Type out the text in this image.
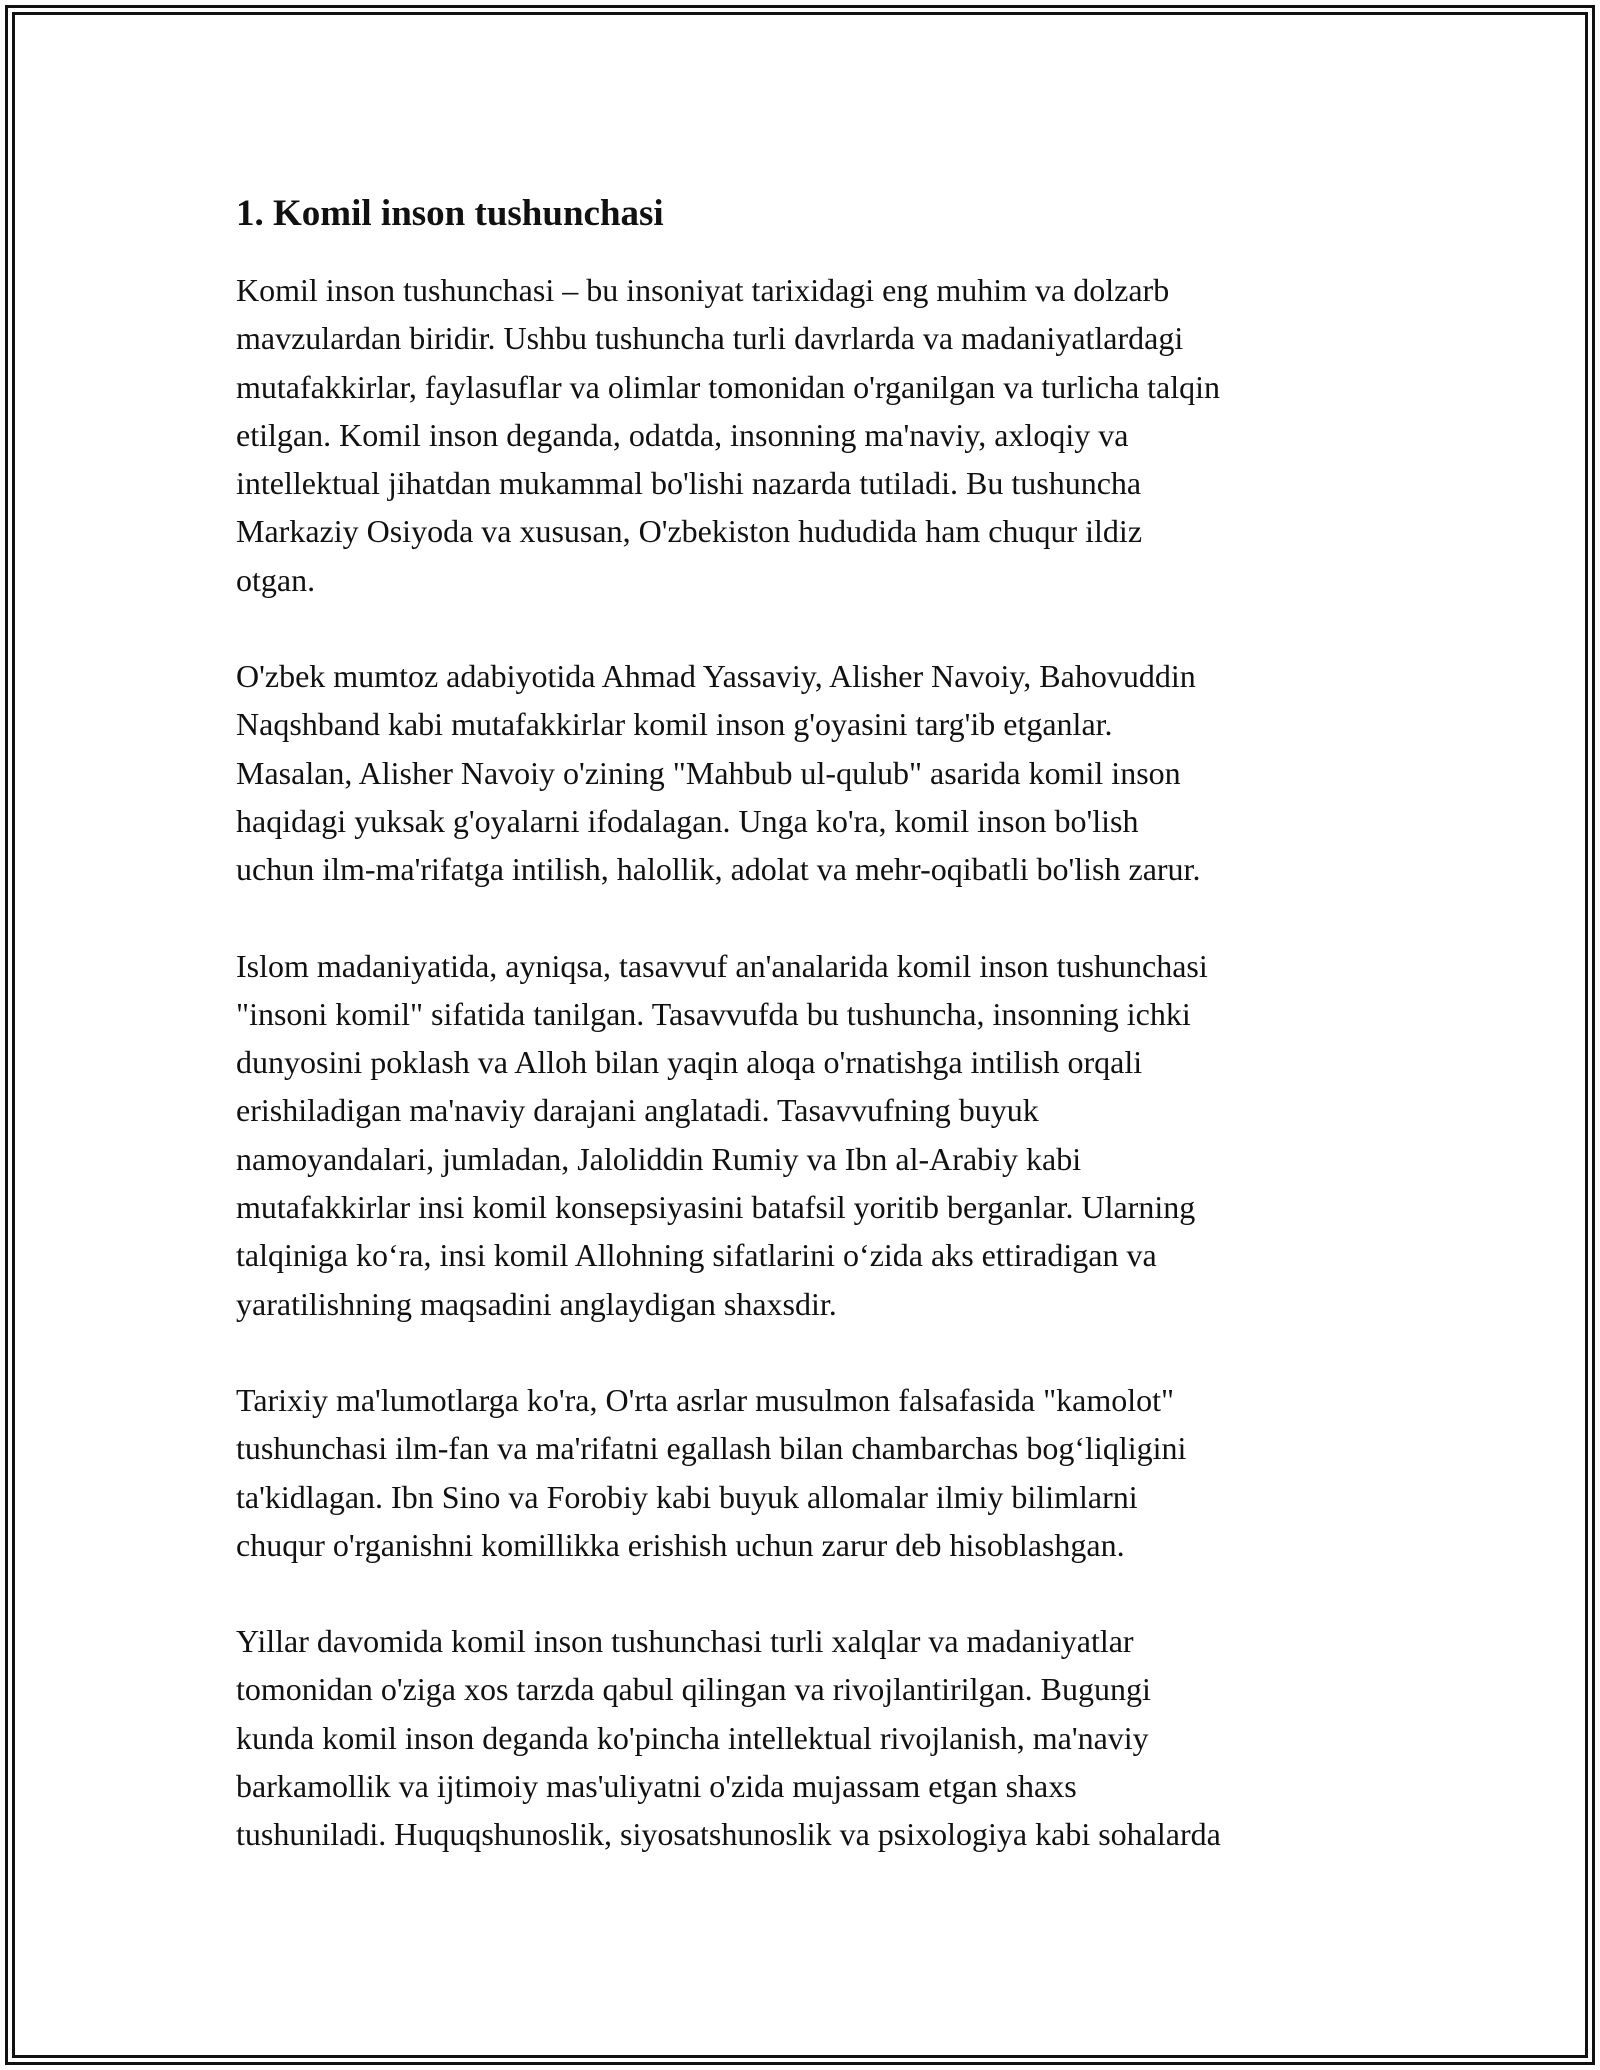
1. Komil inson tushunchasi
Komil inson tushunchasi – bu insoniyat tarixidagi eng muhim va dolzarb
mavzulardan biridir. Ushbu tushuncha turli davrlarda va madaniyatlardagi
mutafakkirlar, faylasuflar va olimlar tomonidan o'rganilgan va turlicha talqin
etilgan. Komil inson deganda, odatda, insonning ma'naviy, axloqiy va
intellektual jihatdan mukammal bo'lishi nazarda tutiladi. Bu tushuncha
Markaziy Osiyoda va xususan, O'zbekiston hududida ham chuqur ildiz
otgan.
O'zbek mumtoz adabiyotida Ahmad Yassaviy, Alisher Navoiy, Bahovuddin
Naqshband kabi mutafakkirlar komil inson g'oyasini targ'ib etganlar.
Masalan, Alisher Navoiy o'zining "Mahbub ul-qulub" asarida komil inson
haqidagi yuksak g'oyalarni ifodalagan. Unga ko'ra, komil inson bo'lish
uchun ilm-ma'rifatga intilish, halollik, adolat va mehr-oqibatli bo'lish zarur.
Islom madaniyatida, ayniqsa, tasavvuf an'analarida komil inson tushunchasi
"insoni komil" sifatida tanilgan. Tasavvufda bu tushuncha, insonning ichki
dunyosini poklash va Alloh bilan yaqin aloqa o'rnatishga intilish orqali
erishiladigan ma'naviy darajani anglatadi. Tasavvufning buyuk
namoyandalari, jumladan, Jaloliddin Rumiy va Ibn al-Arabiy kabi
mutafakkirlar insi komil konsepsiyasini batafsil yoritib berganlar. Ularning
talqiniga ko‘ra, insi komil Allohning sifatlarini o‘zida aks ettiradigan va
yaratilishning maqsadini anglaydigan shaxsdir.
Tarixiy ma'lumotlarga ko'ra, O'rta asrlar musulmon falsafasida "kamolot"
tushunchasi ilm-fan va ma'rifatni egallash bilan chambarchas bog‘liqligini
ta'kidlagan. Ibn Sino va Forobiy kabi buyuk allomalar ilmiy bilimlarni
chuqur o'rganishni komillikka erishish uchun zarur deb hisoblashgan.
Yillar davomida komil inson tushunchasi turli xalqlar va madaniyatlar
tomonidan o'ziga xos tarzda qabul qilingan va rivojlantirilgan. Bugungi
kunda komil inson deganda ko'pincha intellektual rivojlanish, ma'naviy
barkamollik va ijtimoiy mas'uliyatni o'zida mujassam etgan shaxs
tushuniladi. Huquqshunoslik, siyosatshunoslik va psixologiya kabi sohalarda
